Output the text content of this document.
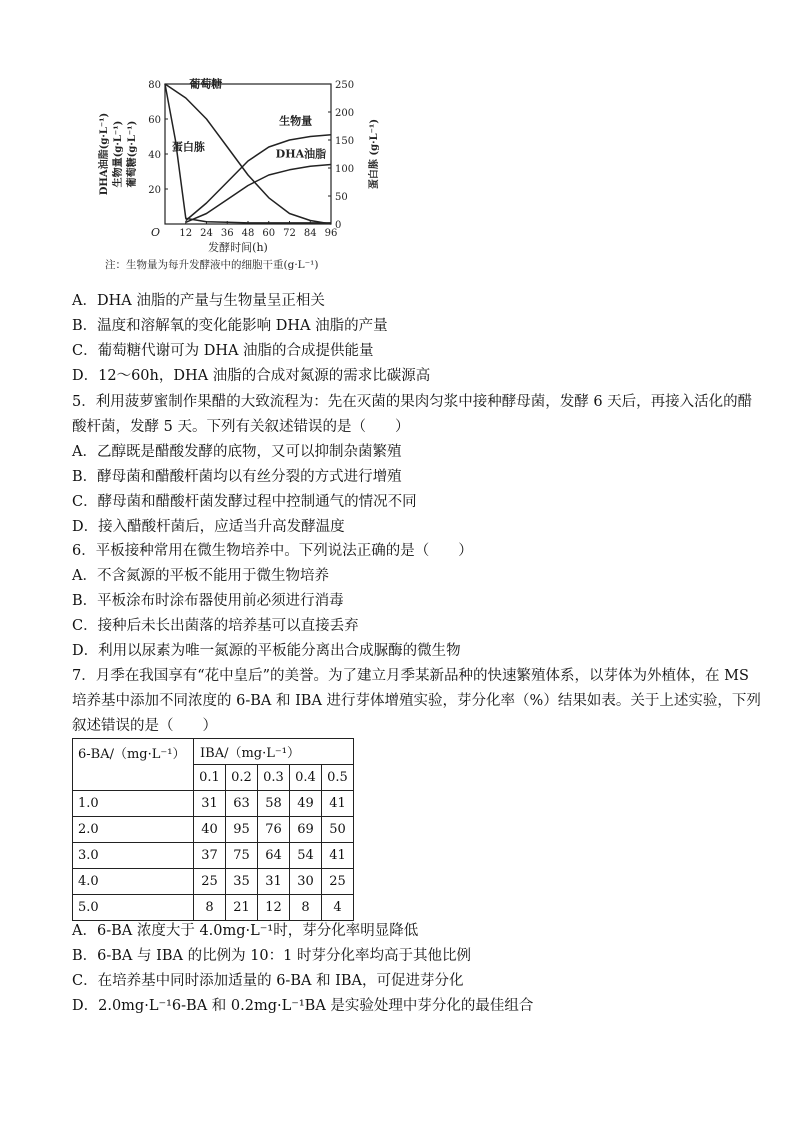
12 24 36 48 60 72 84 96
O
20
40
60
80
0
50
100
150
200
250
发酵时间(h)
DHA油脂(g·L⁻¹) 生物量(g·L⁻¹) 葡萄糖(g·L⁻¹)	蛋白胨 (g·L⁻¹)
葡萄糖
蛋白胨
生物量
DHA油脂
注：生物量为每升发酵液中的细胞干重(g·L⁻¹)
A．DHA 油脂的产量与生物量呈正相关
B．温度和溶解氧的变化能影响 DHA 油脂的产量
C．葡萄糖代谢可为 DHA 油脂的合成提供能量
D．12～60h，DHA 油脂的合成对氮源的需求比碳源高
5．利用菠萝蜜制作果醋的大致流程为：先在灭菌的果肉匀浆中接种酵母菌，发酵 6 天后，再接入活化的醋
酸杆菌，发酵 5 天。下列有关叙述错误的是（　　）
A．乙醇既是醋酸发酵的底物，又可以抑制杂菌繁殖
B．酵母菌和醋酸杆菌均以有丝分裂的方式进行增殖
C．酵母菌和醋酸杆菌发酵过程中控制通气的情况不同
D．接入醋酸杆菌后，应适当升高发酵温度
6．平板接种常用在微生物培养中。下列说法正确的是（　　）
A．不含氮源的平板不能用于微生物培养
B．平板涂布时涂布器使用前必须进行消毒
C．接种后未长出菌落的培养基可以直接丢弃
D．利用以尿素为唯一氮源的平板能分离出合成脲酶的微生物
7．月季在我国享有“花中皇后”的美誉。为了建立月季某新品种的快速繁殖体系，以芽体为外植体，在 MS
培养基中添加不同浓度的 6-BA 和 IBA 进行芽体增殖实验，芽分化率（%）结果如表。关于上述实验，下列
叙述错误的是（　　）
6-BA/（mg·L⁻¹）	IBA/（mg·L⁻¹）				
	0.1	0.2	0.3	0.4	0.5
1.0	31	63	58	49	41
2.0	40	95	76	69	50
3.0	37	75	64	54	41
4.0	25	35	31	30	25
5.0	8	21	12	8	4
A．6-BA 浓度大于 4.0mg·L⁻¹时，芽分化率明显降低
B．6-BA 与 IBA 的比例为 10：1 时芽分化率均高于其他比例
C．在培养基中同时添加适量的 6-BA 和 IBA，可促进芽分化
D．2.0mg·L⁻¹6-BA 和 0.2mg·L⁻¹BA 是实验处理中芽分化的最佳组合
